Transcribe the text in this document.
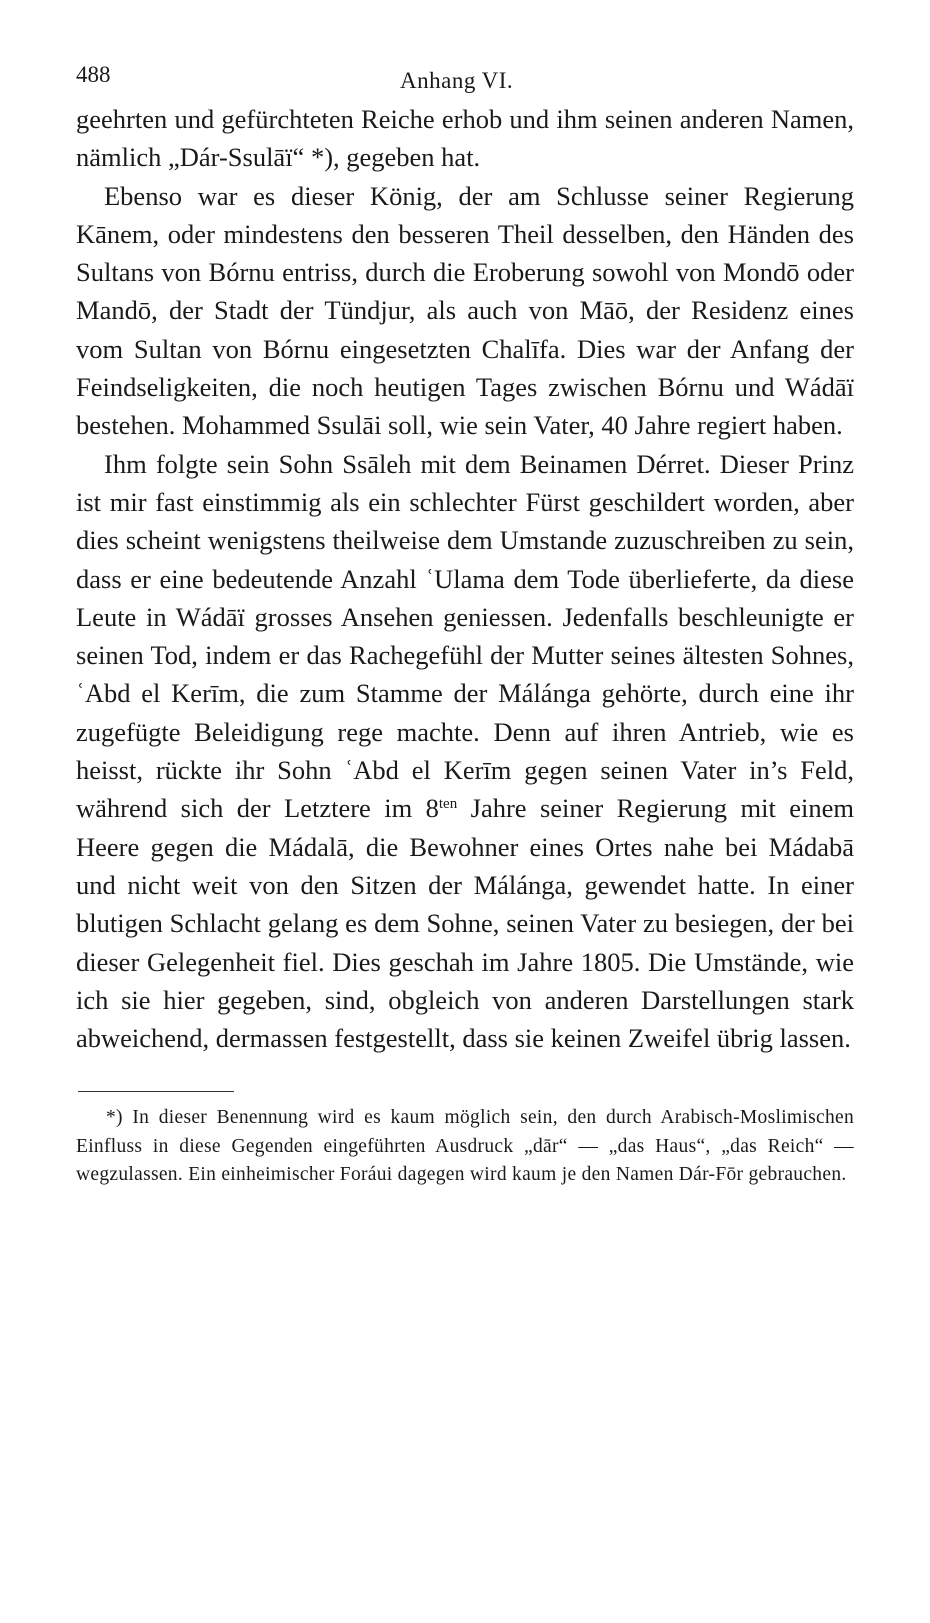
488	Anhang VI.

geehrten und gefürchteten Reiche erhob und ihm seinen anderen Namen, nämlich „Dár-Ssulāï“ *), gegeben hat.

Ebenso war es dieser König, der am Schlusse seiner Regierung Kānem, oder mindestens den besseren Theil desselben, den Händen des Sultans von Bórnu entriss, durch die Eroberung sowohl von Mondō oder Mandō, der Stadt der Tündjur, als auch von Māō, der Residenz eines vom Sultan von Bórnu eingesetzten Chalīfa. Dies war der Anfang der Feindseligkeiten, die noch heutigen Tages zwischen Bórnu und Wádāï bestehen. Mohammed Ssulāi soll, wie sein Vater, 40 Jahre regiert haben.

Ihm folgte sein Sohn Ssāleh mit dem Beinamen Dérret. Dieser Prinz ist mir fast einstimmig als ein schlechter Fürst geschildert worden, aber dies scheint wenigstens theilweise dem Umstande zuzuschreiben zu sein, dass er eine bedeutende Anzahl ʿUlama dem Tode überlieferte, da diese Leute in Wádāï grosses Ansehen geniessen. Jedenfalls beschleunigte er seinen Tod, indem er das Rachegefühl der Mutter seines ältesten Sohnes, ʿAbd el Kerīm, die zum Stamme der Málánga gehörte, durch eine ihr zugefügte Beleidigung rege machte. Denn auf ihren Antrieb, wie es heisst, rückte ihr Sohn ʿAbd el Kerīm gegen seinen Vater in’s Feld, während sich der Letztere im $8^{ten}$ Jahre seiner Regierung mit einem Heere gegen die Mádalā, die Bewohner eines Ortes nahe bei Mádabā und nicht weit von den Sitzen der Málánga, gewendet hatte. In einer blutigen Schlacht gelang es dem Sohne, seinen Vater zu besiegen, der bei dieser Gelegenheit fiel. Dies geschah im Jahre 1805. Die Umstände, wie ich sie hier gegeben, sind, obgleich von anderen Darstellungen stark abweichend, dermassen festgestellt, dass sie keinen Zweifel übrig lassen.

*) In dieser Benennung wird es kaum möglich sein, den durch Arabisch-Moslimischen Einfluss in diese Gegenden eingeführten Ausdruck „dār“ — „das Haus“, „das Reich“ — wegzulassen. Ein einheimischer Foráui dagegen wird kaum je den Namen Dár-Fōr gebrauchen.
